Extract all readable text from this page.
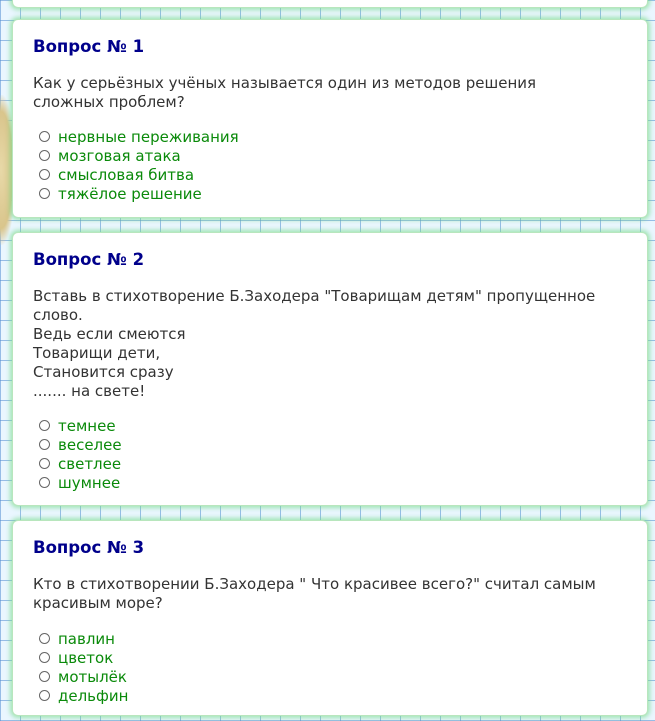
Вопрос № 1
Как у серьёзных учёных называется один из методов решения
сложных проблем?
нервные переживания
мозговая атака
смысловая битва
тяжёлое решение
Вопрос № 2
Вставь в стихотворение Б.Заходера "Товарищам детям" пропущенное
слово.
Ведь если смеются
Товарищи дети,
Становится сразу
....... на свете!
темнее
веселее
светлее
шумнее
Вопрос № 3
Кто в стихотворении Б.Заходера " Что красивее всего?" считал самым
красивым море?
павлин
цветок
мотылёк
дельфин
